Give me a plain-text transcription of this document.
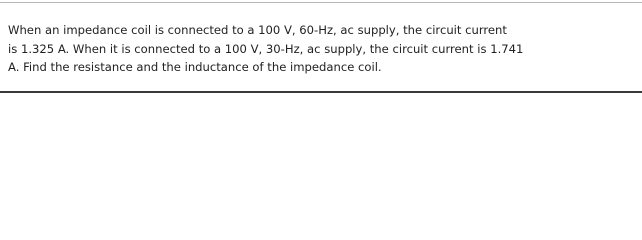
When an impedance coil is connected to a 100 V, 60-Hz, ac supply, the circuit current
is 1.325 A. When it is connected to a 100 V, 30-Hz, ac supply, the circuit current is 1.741
A. Find the resistance and the inductance of the impedance coil.
